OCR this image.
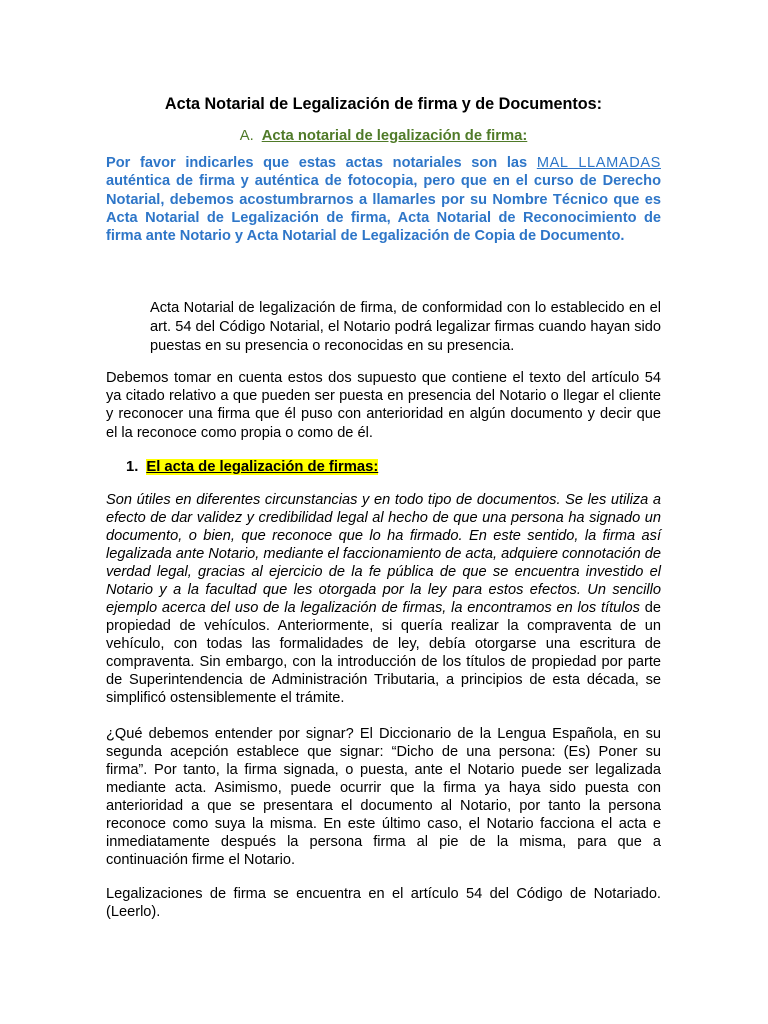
Acta Notarial de Legalización de firma y de Documentos:
A. Acta notarial de legalización de firma:
Por favor indicarles que estas actas notariales son las MAL LLAMADAS auténtica de firma y auténtica de fotocopia, pero que en el curso de Derecho Notarial, debemos acostumbrarnos a llamarles por su Nombre Técnico que es Acta Notarial de Legalización de firma, Acta Notarial de Reconocimiento de firma ante Notario y Acta Notarial de Legalización de Copia de Documento.
Acta Notarial de legalización de firma, de conformidad con lo establecido en el art. 54 del Código Notarial, el Notario podrá legalizar firmas cuando hayan sido puestas en su presencia o reconocidas en su presencia.
Debemos tomar en cuenta estos dos supuesto que contiene el texto del artículo 54 ya citado relativo a que pueden ser puesta en presencia del Notario o llegar el cliente y reconocer una firma que él puso con anterioridad en algún documento y decir que el la reconoce como propia o como de él.
1. El acta de legalización de firmas:
Son útiles en diferentes circunstancias y en todo tipo de documentos. Se les utiliza a efecto de dar validez y credibilidad legal al hecho de que una persona ha signado un documento, o bien, que reconoce que lo ha firmado. En este sentido, la firma así legalizada ante Notario, mediante el faccionamiento de acta, adquiere connotación de verdad legal, gracias al ejercicio de la fe pública de que se encuentra investido el Notario y a la facultad que les otorgada por la ley para estos efectos. Un sencillo ejemplo acerca del uso de la legalización de firmas, la encontramos en los títulos de propiedad de vehículos. Anteriormente, si quería realizar la compraventa de un vehículo, con todas las formalidades de ley, debía otorgarse una escritura de compraventa. Sin embargo, con la introducción de los títulos de propiedad por parte de Superintendencia de Administración Tributaria, a principios de esta década, se simplificó ostensiblemente el trámite.
¿Qué debemos entender por signar? El Diccionario de la Lengua Española, en su segunda acepción establece que signar: “Dicho de una persona: (Es) Poner su firma”. Por tanto, la firma signada, o puesta, ante el Notario puede ser legalizada mediante acta. Asimismo, puede ocurrir que la firma ya haya sido puesta con anterioridad a que se presentara el documento al Notario, por tanto la persona reconoce como suya la misma. En este último caso, el Notario facciona el acta e inmediatamente después la persona firma al pie de la misma, para que a continuación firme el Notario.
Legalizaciones de firma se encuentra en el artículo 54 del Código de Notariado. (Leerlo).
